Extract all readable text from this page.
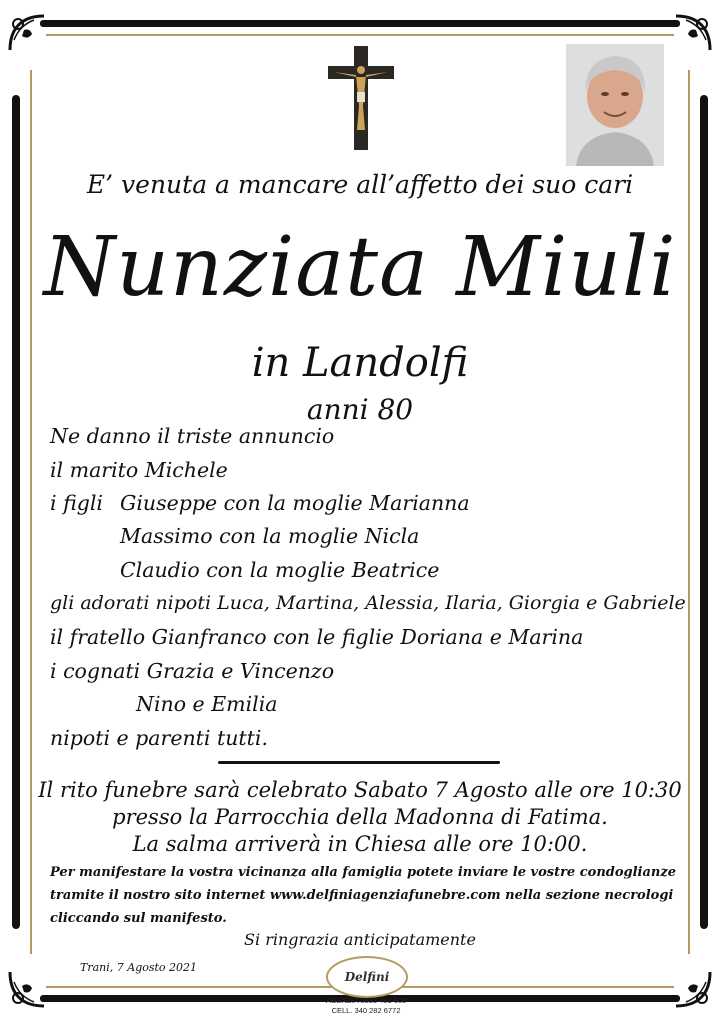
E’ venuta a mancare all’affetto dei suo cari
Nunziata Miuli
in Landolfi
anni 80
Ne danno il triste annuncio
il marito Michele
i figli Giuseppe con la moglie Marianna
Massimo con la moglie Nicla
Claudio con la moglie Beatrice
gli adorati nipoti Luca, Martina, Alessia, Ilaria, Giorgia e Gabriele
il fratello Gianfranco con le figlie Doriana e Marina
i cognati Grazia e Vincenzo
Nino e Emilia
nipoti e parenti tutti.
Il rito funebre sarà celebrato Sabato 7 Agosto alle ore 10:30
presso la Parrocchia della Madonna di Fatima.
La salma arriverà in Chiesa alle ore 10:00.
Per manifestare la vostra vicinanza alla famiglia potete inviare le vostre condoglianze
tramite il nostro sito internet www.delfiniagenziafunebre.com nella sezione necrologi
cliccando sul manifesto.
Si ringrazia anticipatamente
Trani, 7 Agosto 2021
Delfini
AGENZIA 0883 481 608
CELL. 340 282 6772
